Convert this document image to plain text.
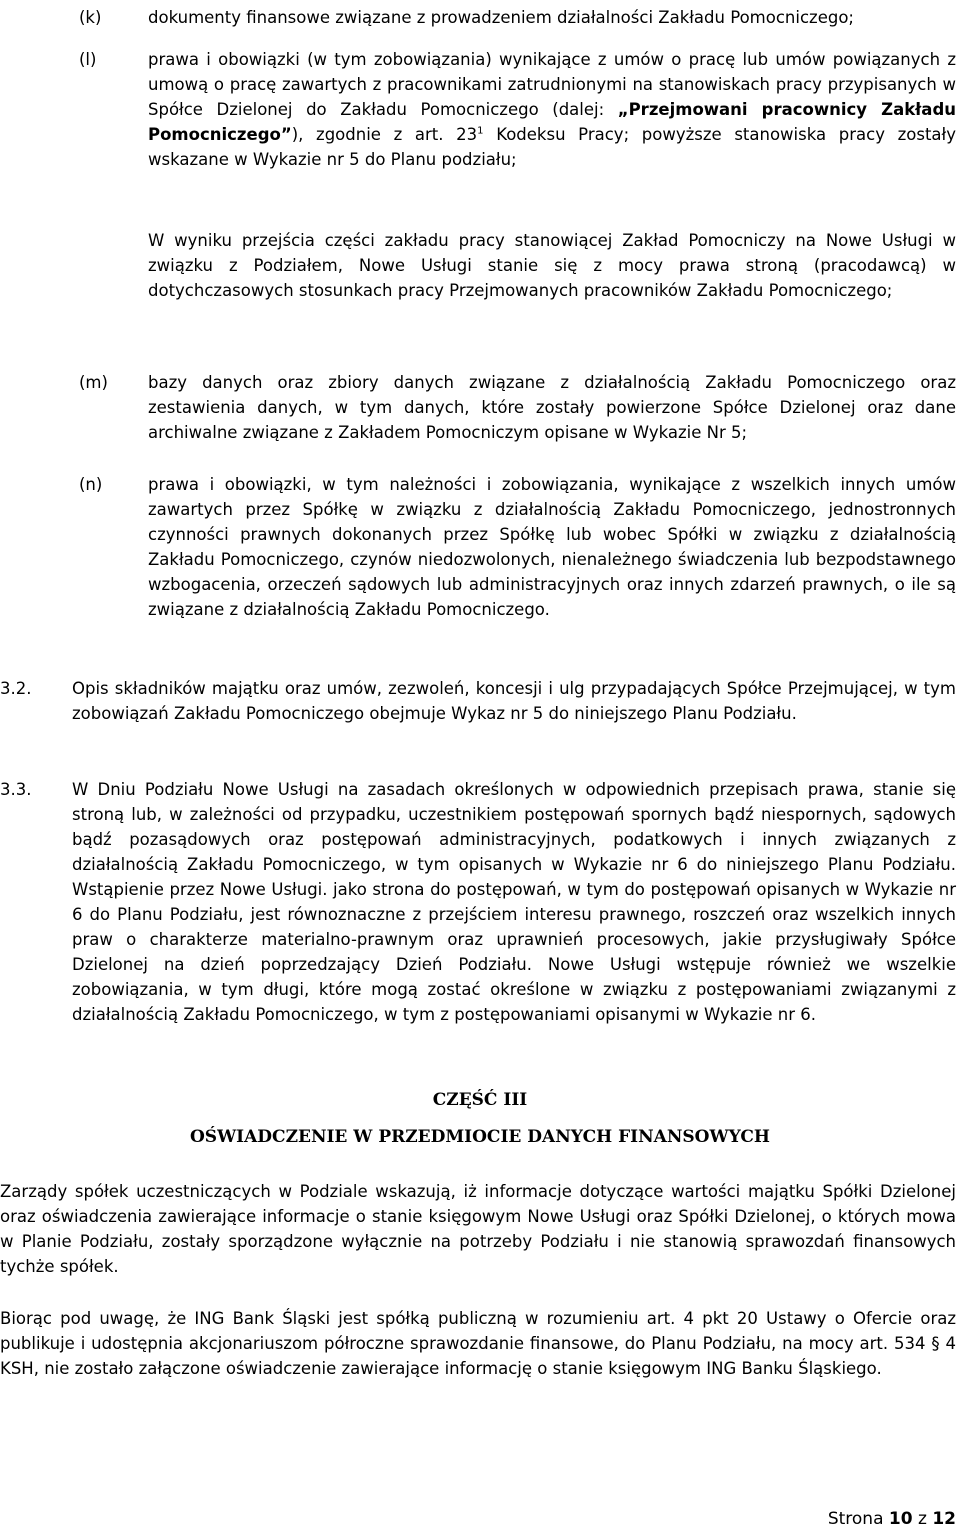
(k)	dokumenty finansowe związane z prowadzeniem działalności Zakładu Pomocniczego;
(l)	prawa i obowiązki (w tym zobowiązania) wynikające z umów o pracę lub umów powiązanych z umową o pracę zawartych z pracownikami zatrudnionymi na stanowiskach pracy przypisanych w Spółce Dzielonej do Zakładu Pomocniczego (dalej: „Przejmowani pracownicy Zakładu Pomocniczego”), zgodnie z art. $23^1$ Kodeksu Pracy; powyższe stanowiska pracy zostały wskazane w Wykazie nr 5 do Planu podziału;
W wyniku przejścia części zakładu pracy stanowiącej Zakład Pomocniczy na Nowe Usługi w związku z Podziałem, Nowe Usługi stanie się z mocy prawa stroną (pracodawcą) w dotychczasowych stosunkach pracy Przejmowanych pracowników Zakładu Pomocniczego;
(m) bazy danych oraz zbiory danych związane z działalnością Zakładu Pomocniczego oraz zestawienia danych, w tym danych, które zostały powierzone Spółce Dzielonej oraz dane archiwalne związane z Zakładem Pomocniczym opisane w Wykazie Nr 5;
(n)	prawa i obowiązki, w tym należności i zobowiązania, wynikające z wszelkich innych umów zawartych przez Spółkę w związku z działalnością Zakładu Pomocniczego, jednostronnych czynności prawnych dokonanych przez Spółkę lub wobec Spółki w związku z działalnością Zakładu Pomocniczego, czynów niedozwolonych, nienależnego świadczenia lub bezpodstawnego wzbogacenia, orzeczeń sądowych lub administracyjnych oraz innych zdarzeń prawnych, o ile są związane z działalnością Zakładu Pomocniczego.
3.2. Opis składników majątku oraz umów, zezwoleń, koncesji i ulg przypadających Spółce Przejmującej, w tym zobowiązań Zakładu Pomocniczego obejmuje Wykaz nr 5 do niniejszego Planu Podziału.
3.3. W Dniu Podziału Nowe Usługi na zasadach określonych w odpowiednich przepisach prawa, stanie się stroną lub, w zależności od przypadku, uczestnikiem postępowań spornych bądź niespornych, sądowych bądź pozasądowych oraz postępowań administracyjnych, podatkowych i innych związanych z działalnością Zakładu Pomocniczego, w tym opisanych w Wykazie nr 6 do niniejszego Planu Podziału. Wstąpienie przez Nowe Usługi. jako strona do postępowań, w tym do postępowań opisanych w Wykazie nr 6 do Planu Podziału, jest równoznaczne z przejściem interesu prawnego, roszczeń oraz wszelkich innych praw o charakterze materialno-prawnym oraz uprawnień procesowych, jakie przysługiwały Spółce Dzielonej na dzień poprzedzający Dzień Podziału. Nowe Usługi wstępuje również we wszelkie zobowiązania, w tym długi, które mogą zostać określone w związku z postępowaniami związanymi z działalnością Zakładu Pomocniczego, w tym z postępowaniami opisanymi w Wykazie nr 6.
CZĘŚĆ III
OŚWIADCZENIE W PRZEDMIOCIE DANYCH FINANSOWYCH
Zarządy spółek uczestniczących w Podziale wskazują, iż informacje dotyczące wartości majątku Spółki Dzielonej oraz oświadczenia zawierające informacje o stanie księgowym Nowe Usługi oraz Spółki Dzielonej, o których mowa w Planie Podziału, zostały sporządzone wyłącznie na potrzeby Podziału i nie stanowią sprawozdań finansowych tychże spółek.
Biorąc pod uwagę, że ING Bank Śląski jest spółką publiczną w rozumieniu art. 4 pkt 20 Ustawy o Ofercie oraz publikuje i udostępnia akcjonariuszom półroczne sprawozdanie finansowe, do Planu Podziału, na mocy art. 534 § 4 KSH, nie zostało załączone oświadczenie zawierające informację o stanie księgowym ING Banku Śląskiego.
Strona 10 z 12
